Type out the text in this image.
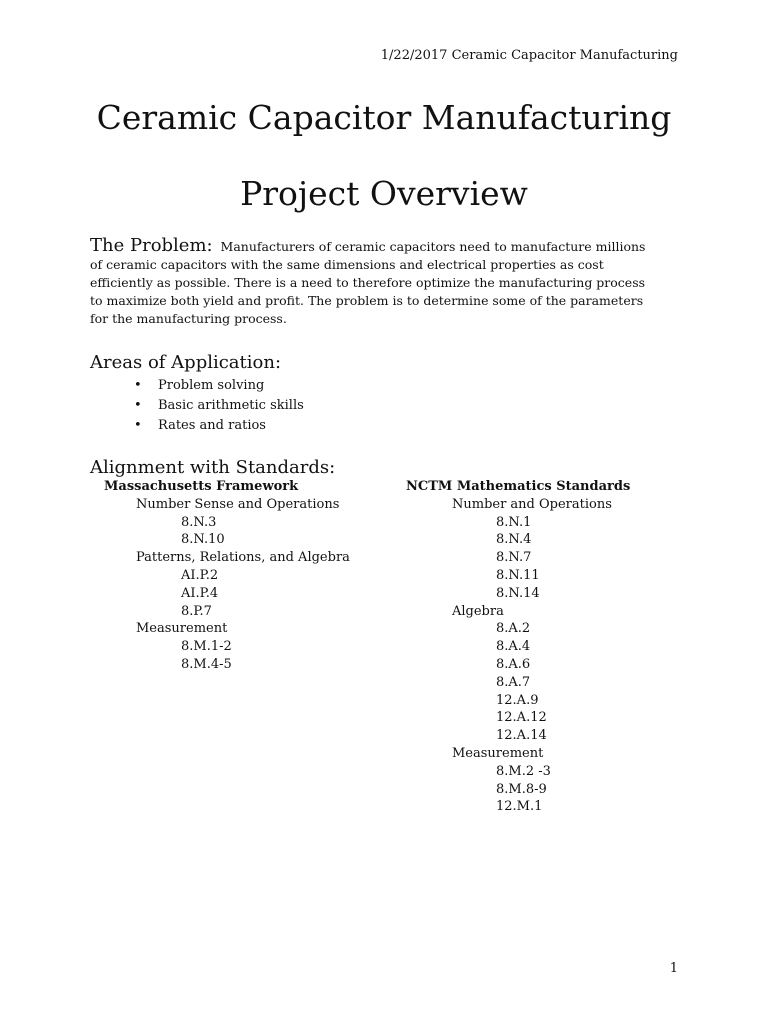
1/22/2017 Ceramic Capacitor Manufacturing
Ceramic Capacitor Manufacturing
Project Overview
The Problem: Manufacturers of ceramic capacitors need to manufacture millions of ceramic capacitors with the same dimensions and electrical properties as cost efficiently as possible. There is a need to therefore optimize the manufacturing process to maximize both yield and profit. The problem is to determine some of the parameters for the manufacturing process.
Areas of Application:
• Problem solving
• Basic arithmetic skills
• Rates and ratios
Alignment with Standards:
Massachusetts Framework
Number Sense and Operations
8.N.3
8.N.10
Patterns, Relations, and Algebra
AI.P.2
AI.P.4
8.P.7
Measurement
8.M.1-2
8.M.4-5
NCTM Mathematics Standards
Number and Operations
8.N.1
8.N.4
8.N.7
8.N.11
8.N.14
Algebra
8.A.2
8.A.4
8.A.6
8.A.7
12.A.9
12.A.12
12.A.14
Measurement
8.M.2 -3
8.M.8-9
12.M.1
1
